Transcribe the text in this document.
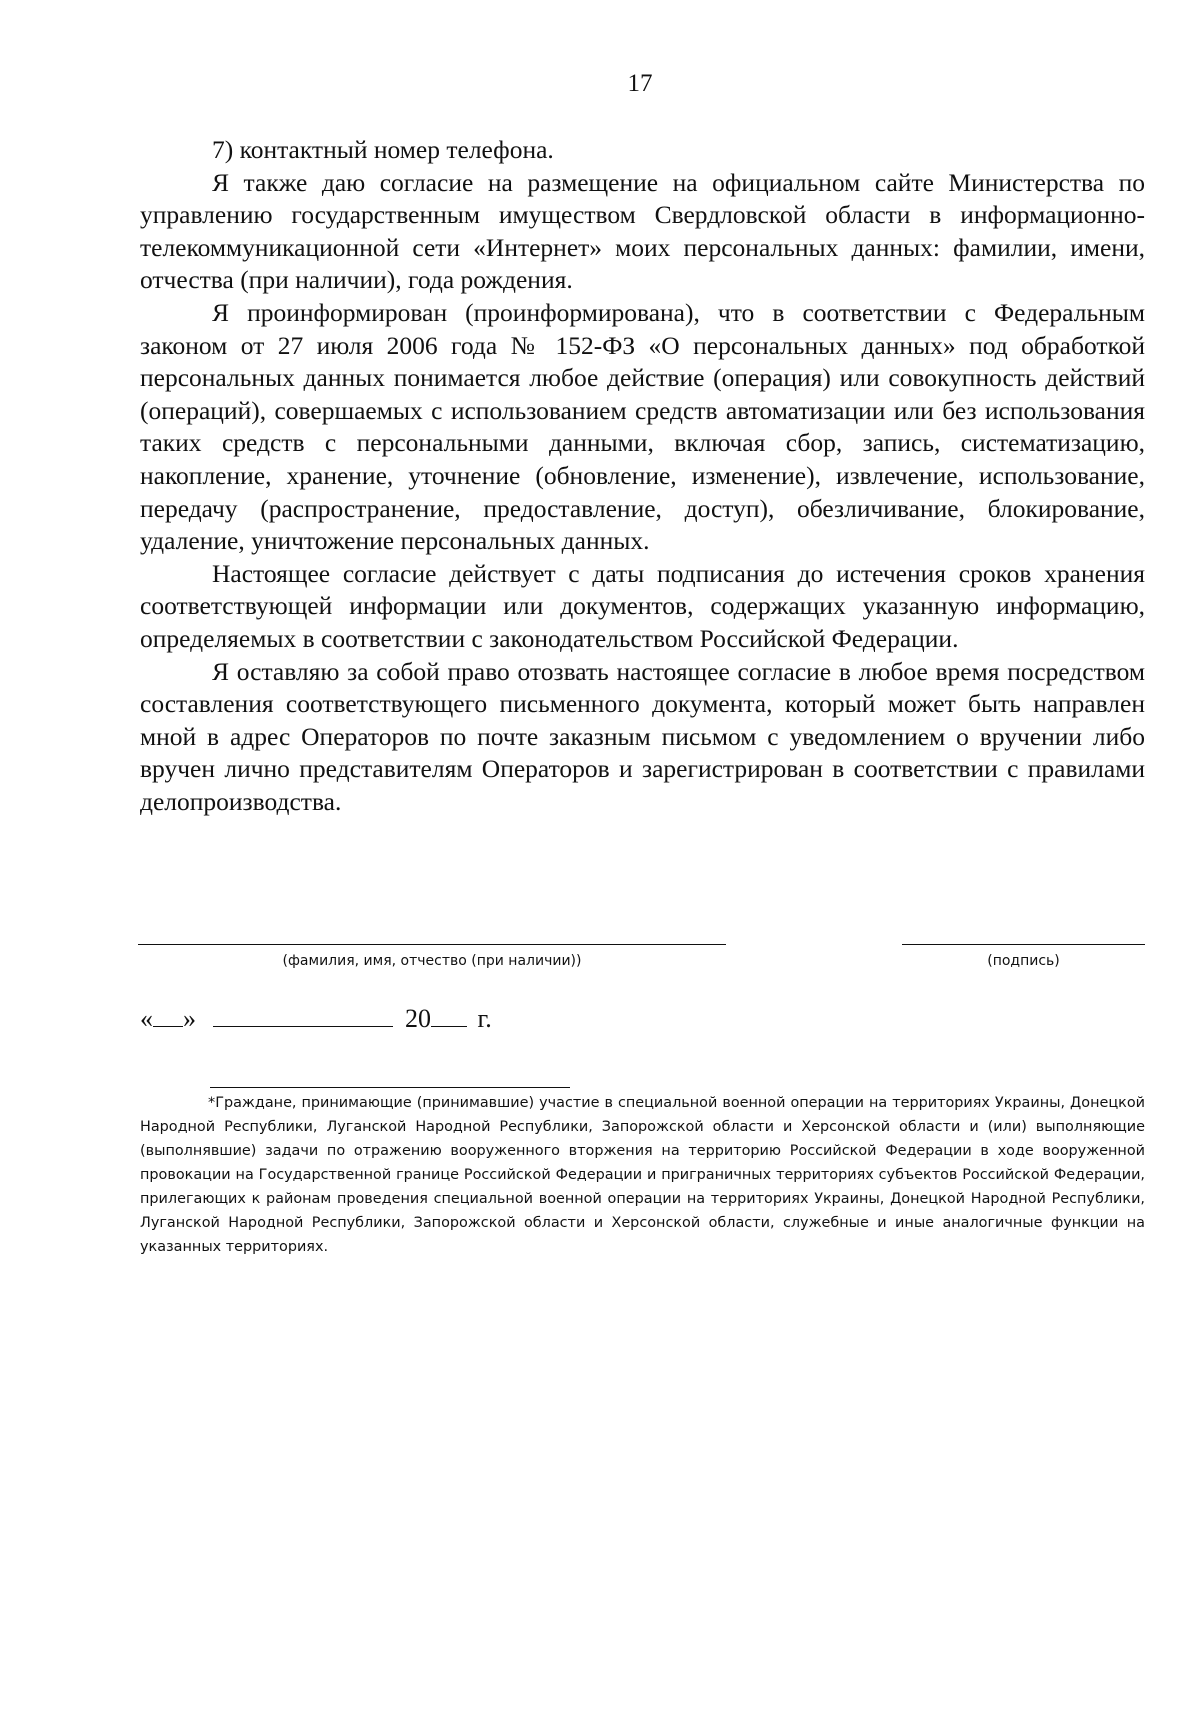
17

7) контактный номер телефона.

Я также даю согласие на размещение на официальном сайте Министерства по управлению государственным имуществом Свердловской области в информационно-телекоммуникационной сети «Интернет» моих персональных данных: фамилии, имени, отчества (при наличии), года рождения.

Я проинформирован (проинформирована), что в соответствии с Федеральным законом от 27 июля 2006 года № 152-ФЗ «О персональных данных» под обработкой персональных данных понимается любое действие (операция) или совокупность действий (операций), совершаемых с использованием средств автоматизации или без использования таких средств с персональными данными, включая сбор, запись, систематизацию, накопление, хранение, уточнение (обновление, изменение), извлечение, использование, передачу (распространение, предоставление, доступ), обезличивание, блокирование, удаление, уничтожение персональных данных.

Настоящее согласие действует с даты подписания до истечения сроков хранения соответствующей информации или документов, содержащих указанную информацию, определяемых в соответствии с законодательством Российской Федерации.

Я оставляю за собой право отозвать настоящее согласие в любое время посредством составления соответствующего письменного документа, который может быть направлен мной в адрес Операторов по почте заказным письмом с уведомлением о вручении либо вручен лично представителям Операторов и зарегистрирован в соответствии с правилами делопроизводства.

(фамилия, имя, отчество (при наличии))	(подпись)
« »	20 г.
*Граждане, принимающие (принимавшие) участие в специальной военной операции на территориях Украины, Донецкой Народной Республики, Луганской Народной Республики, Запорожской области и Херсонской области и (или) выполняющие (выполнявшие) задачи по отражению вооруженного вторжения на территорию Российской Федерации в ходе вооруженной провокации на Государственной границе Российской Федерации и приграничных территориях субъектов Российской Федерации, прилегающих к районам проведения специальной военной операции на территориях Украины, Донецкой Народной Республики, Луганской Народной Республики, Запорожской области и Херсонской области, служебные и иные аналогичные функции на указанных территориях.
